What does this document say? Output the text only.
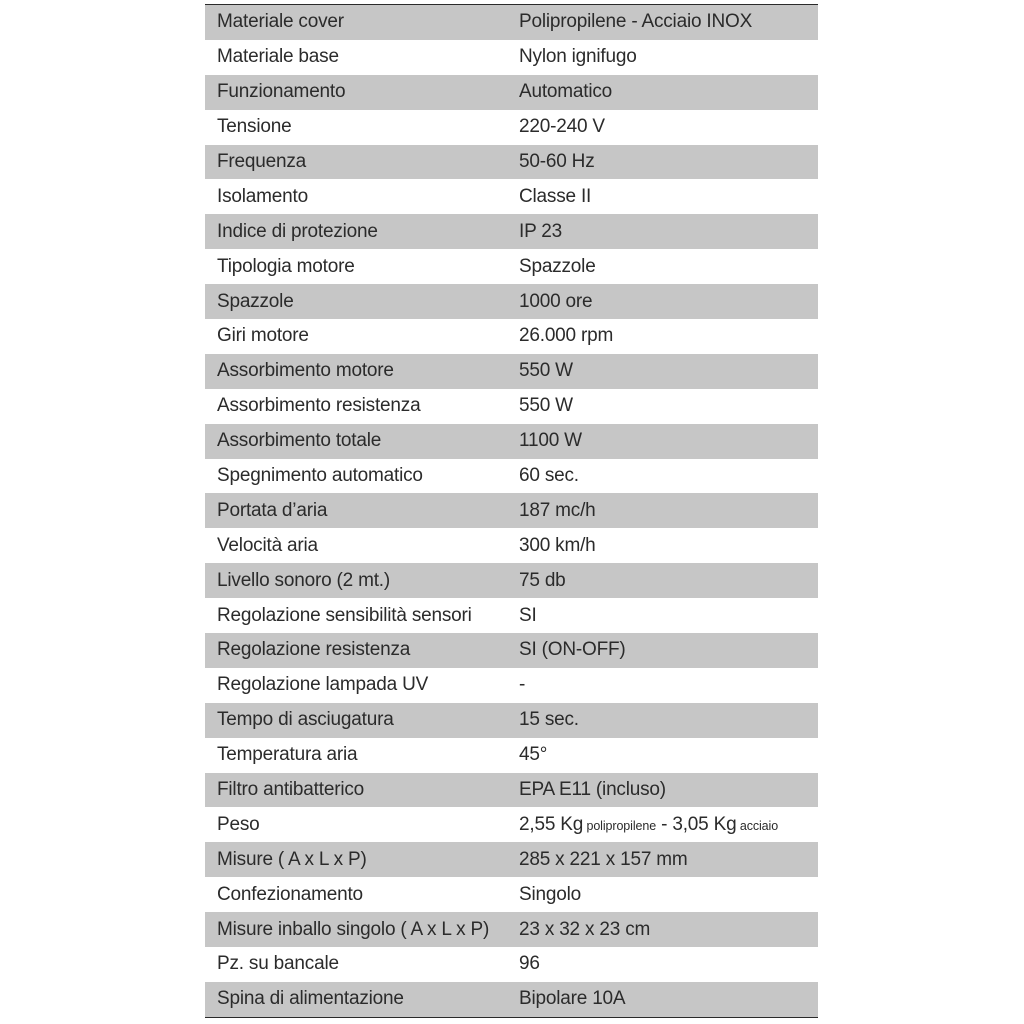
Materiale cover	Polipropilene - Acciaio INOX
Materiale base	Nylon ignifugo
Funzionamento	Automatico
Tensione	220-240 V
Frequenza	50-60 Hz
Isolamento	Classe II
Indice di protezione	IP 23
Tipologia motore	Spazzole
Spazzole	1000 ore
Giri motore	26.000 rpm
Assorbimento motore	550 W
Assorbimento resistenza	550 W
Assorbimento totale	1100 W
Spegnimento automatico	60 sec.
Portata d’aria	187 mc/h
Velocità aria	300 km/h
Livello sonoro (2 mt.)	75 db
Regolazione sensibilità sensori	SI
Regolazione resistenza	SI (ON-OFF)
Regolazione lampada UV	-
Tempo di asciugatura	15 sec.
Temperatura aria	45°
Filtro antibatterico	EPA E11 (incluso)
Peso	2,55 Kg polipropilene - 3,05 Kg acciaio
Misure ( A x L x P)	285 x 221 x 157 mm
Confezionamento	Singolo
Misure inballo singolo ( A x L x P)	23 x 32 x 23 cm
Pz. su bancale	96
Spina di alimentazione	Bipolare 10A
